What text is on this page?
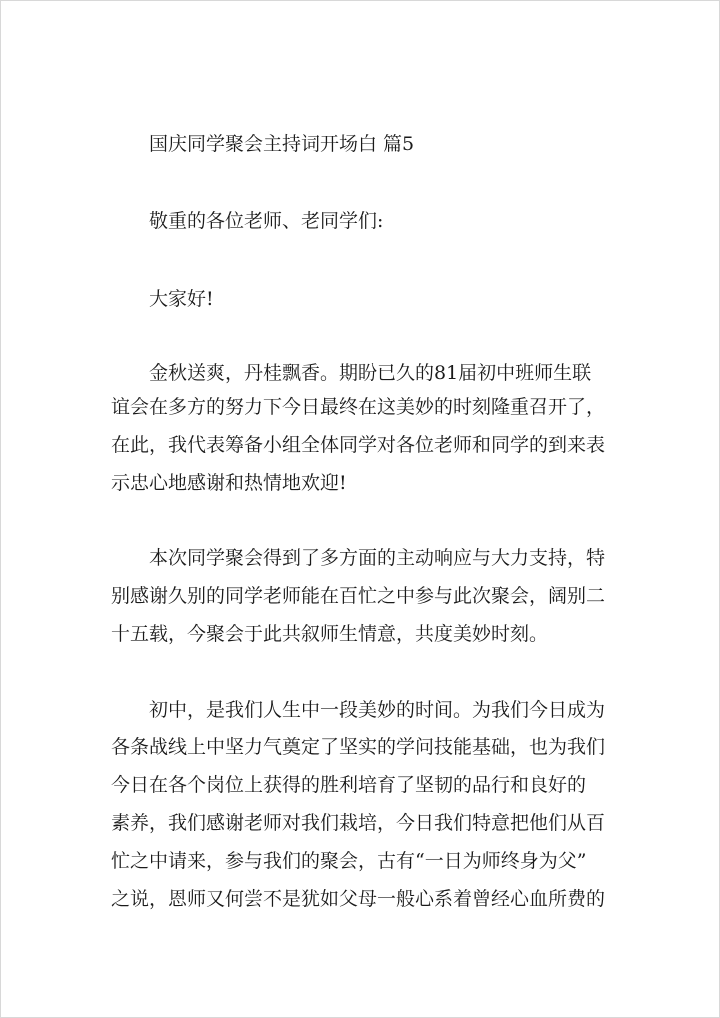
国庆同学聚会主持词开场白 篇5
敬重的各位老师、老同学们:
大家好!
金秋送爽，丹桂飘香。期盼已久的81届初中班师生联
谊会在多方的努力下今日最终在这美妙的时刻隆重召开了，
在此，我代表筹备小组全体同学对各位老师和同学的到来表
示忠心地感谢和热情地欢迎!
本次同学聚会得到了多方面的主动响应与大力支持，特
别感谢久别的同学老师能在百忙之中参与此次聚会，阔别二
十五载，今聚会于此共叙师生情意，共度美妙时刻。
初中，是我们人生中一段美妙的时间。为我们今日成为
各条战线上中坚力气奠定了坚实的学问技能基础，也为我们
今日在各个岗位上获得的胜利培育了坚韧的品行和良好的
素养，我们感谢老师对我们栽培，今日我们特意把他们从百
忙之中请来，参与我们的聚会，古有“一日为师终身为父”
之说，恩师又何尝不是犹如父母一般心系着曾经心血所费的
